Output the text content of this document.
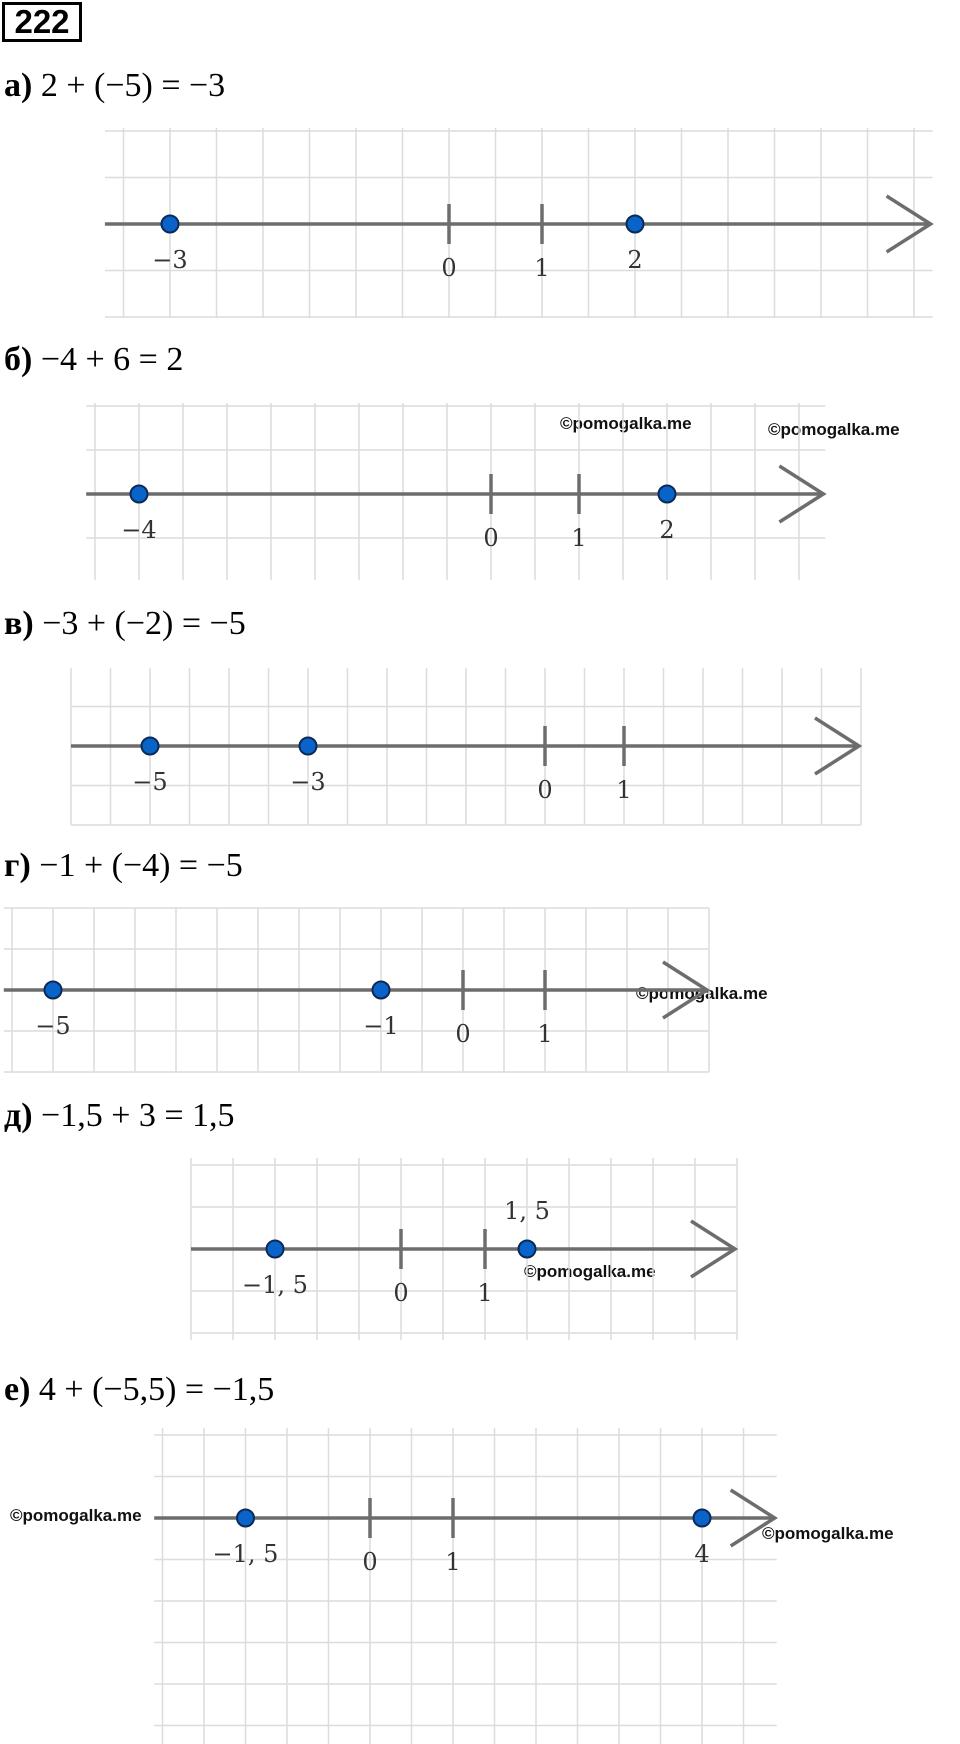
222
а) 2 + (−5) = −3
б) −4 + 6 = 2
в) −3 + (−2) = −5
г) −1 + (−4) = −5
д) −1,5 + 3 = 1,5
е) 4 + (−5,5) = −1,5
©pomogalka.me	©pomogalka.me
©pomogalka.me
©pomogalka.me
©pomogalka.me
©pomogalka.me
0	1
−3	2
0	1
−4	2
0	1
−5	−3
0	1
−5	−1
0	1
−1, 5
1, 5
0	1
−1, 5	4
